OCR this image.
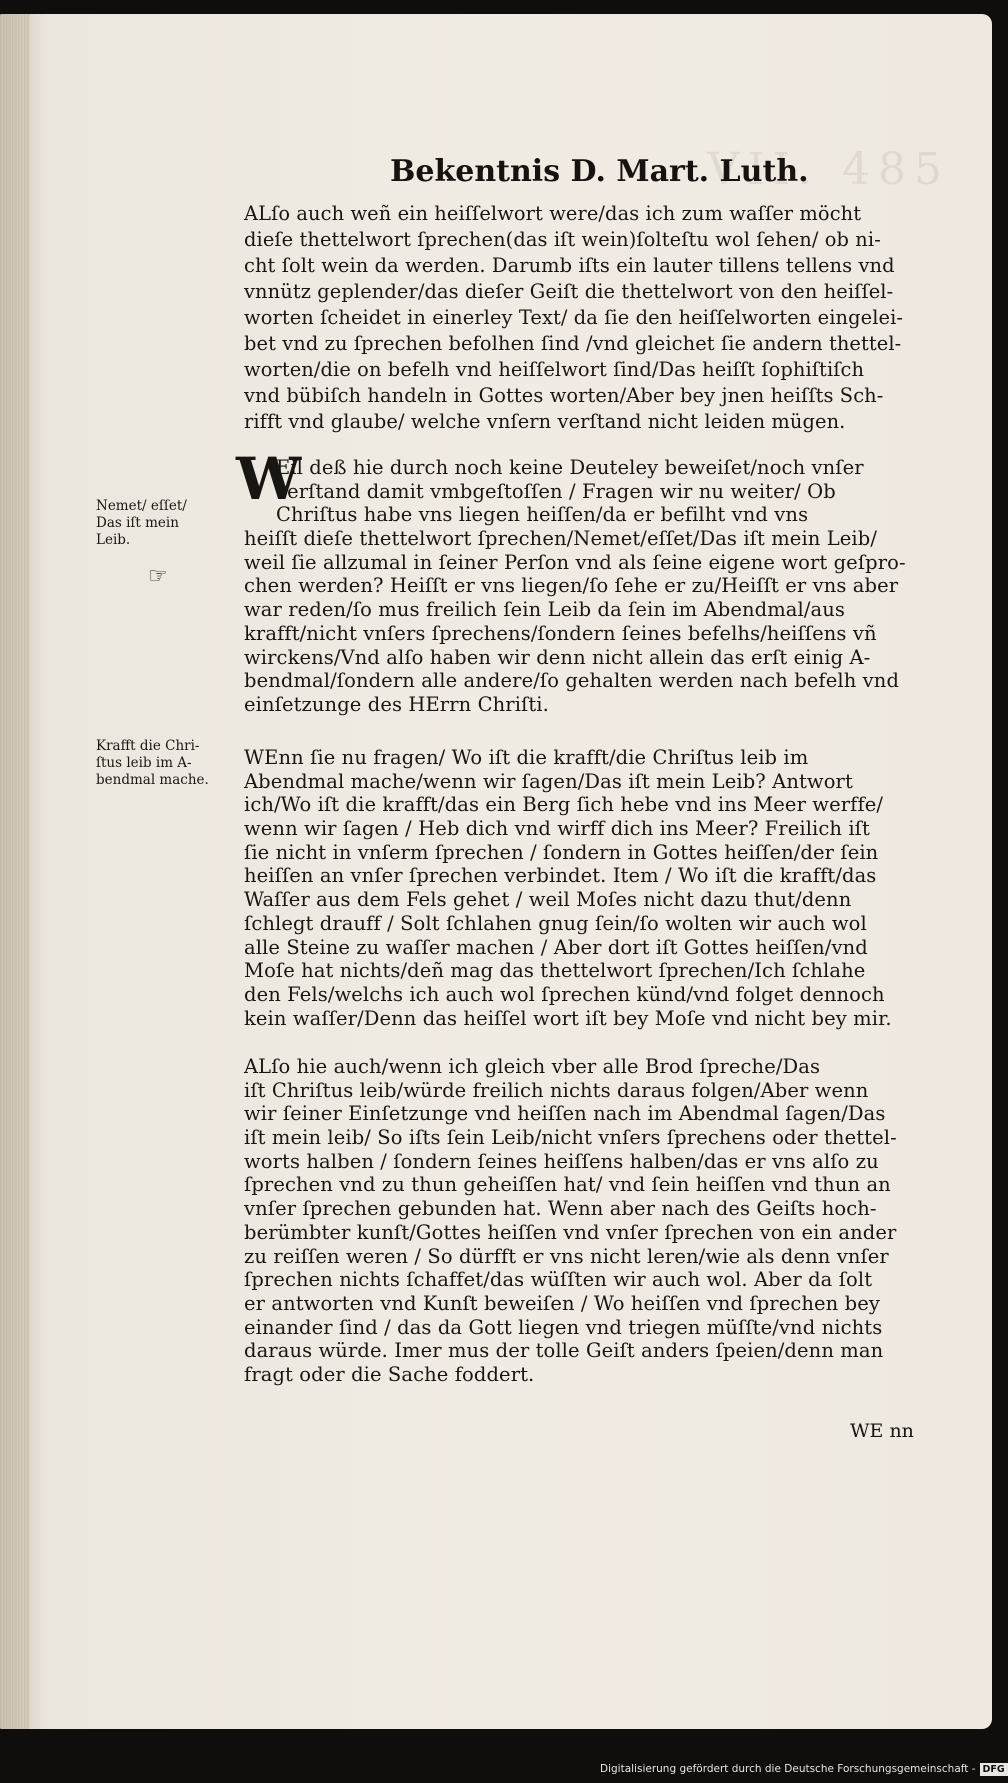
VII. 485
Bekentnis D. Mart. Luth.
ALſo auch weñ ein heiſſelwort were/das ich zum waſſer möcht
dieſe thettelwort ſprechen(das iſt wein)ſolteſtu wol ſehen/ ob ni-
cht ſolt wein da werden. Darumb iſts ein lauter tillens tellens vnd
vnnütz geplender/das dieſer Geiſt die thettelwort von den heiſſel-
worten ſcheidet in einerley Text/ da ſie den heiſſelworten eingelei-
bet vnd zu ſprechen befolhen ſind /vnd gleichet ſie andern thettel-
worten/die on befelh vnd heiſſelwort ſind/Das heiſſt ſophiſtiſch
vnd bübiſch handeln in Gottes worten/Aber bey jnen heiſſts Sch-
rifft vnd glaube/ welche vnſern verſtand nicht leiden mügen.
W
Eil deß hie durch noch keine Deuteley beweiſet/noch vnſer
verſtand damit vmbgeſtoſſen / Fragen wir nu weiter/ Ob
Chriſtus habe vns liegen heiſſen/da er befilht vnd vns
heiſſt dieſe thettelwort ſprechen/Nemet/eſſet/Das iſt mein Leib/
weil ſie allzumal in ſeiner Perſon vnd als ſeine eigene wort geſpro-
chen werden? Heiſſt er vns liegen/ſo ſehe er zu/Heiſſt er vns aber
war reden/ſo mus freilich ſein Leib da ſein im Abendmal/aus
krafft/nicht vnſers ſprechens/ſondern ſeines befelhs/heiſſens vñ
wirckens/Vnd alſo haben wir denn nicht allein das erſt einig A-
bendmal/ſondern alle andere/ſo gehalten werden nach befelh vnd
einſetzunge des HErrn Chriſti.
WEnn ſie nu fragen/ Wo iſt die krafft/die Chriſtus leib im
Abendmal mache/wenn wir ſagen/Das iſt mein Leib? Antwort
ich/Wo iſt die krafft/das ein Berg ſich hebe vnd ins Meer werffe/
wenn wir ſagen / Heb dich vnd wirff dich ins Meer? Freilich iſt
ſie nicht in vnſerm ſprechen / ſondern in Gottes heiſſen/der ſein
heiſſen an vnſer ſprechen verbindet. Item / Wo iſt die krafft/das
Waſſer aus dem Fels gehet / weil Moſes nicht dazu thut/denn
ſchlegt drauff / Solt ſchlahen gnug ſein/ſo wolten wir auch wol
alle Steine zu waſſer machen / Aber dort iſt Gottes heiſſen/vnd
Moſe hat nichts/deñ mag das thettelwort ſprechen/Ich ſchlahe
den Fels/welchs ich auch wol ſprechen künd/vnd folget dennoch
kein waſſer/Denn das heiſſel wort iſt bey Moſe vnd nicht bey mir.
ALſo hie auch/wenn ich gleich vber alle Brod ſpreche/Das
iſt Chriſtus leib/würde freilich nichts daraus folgen/Aber wenn
wir ſeiner Einſetzunge vnd heiſſen nach im Abendmal ſagen/Das
iſt mein leib/ So iſts ſein Leib/nicht vnſers ſprechens oder thettel-
worts halben / ſondern ſeines heiſſens halben/das er vns alſo zu
ſprechen vnd zu thun geheiſſen hat/ vnd ſein heiſſen vnd thun an
vnſer ſprechen gebunden hat. Wenn aber nach des Geiſts hoch-
berümbter kunſt/Gottes heiſſen vnd vnſer ſprechen von ein ander
zu reiſſen weren / So dürfft er vns nicht leren/wie als denn vnſer
ſprechen nichts ſchaffet/das wüſſten wir auch wol. Aber da ſolt
er antworten vnd Kunſt beweiſen / Wo heiſſen vnd ſprechen bey
einander ſind / das da Gott liegen vnd triegen müſſte/vnd nichts
daraus würde. Imer mus der tolle Geiſt anders ſpeien/denn man
fragt oder die Sache foddert.
Nemet/ eſſet/
Das iſt mein
Leib.
☞
Krafft die Chri-
ſtus leib im A-
bendmal mache.
WE nn
Digitalisierung gefördert durch die Deutsche Forschungsgemeinschaft - DFG
